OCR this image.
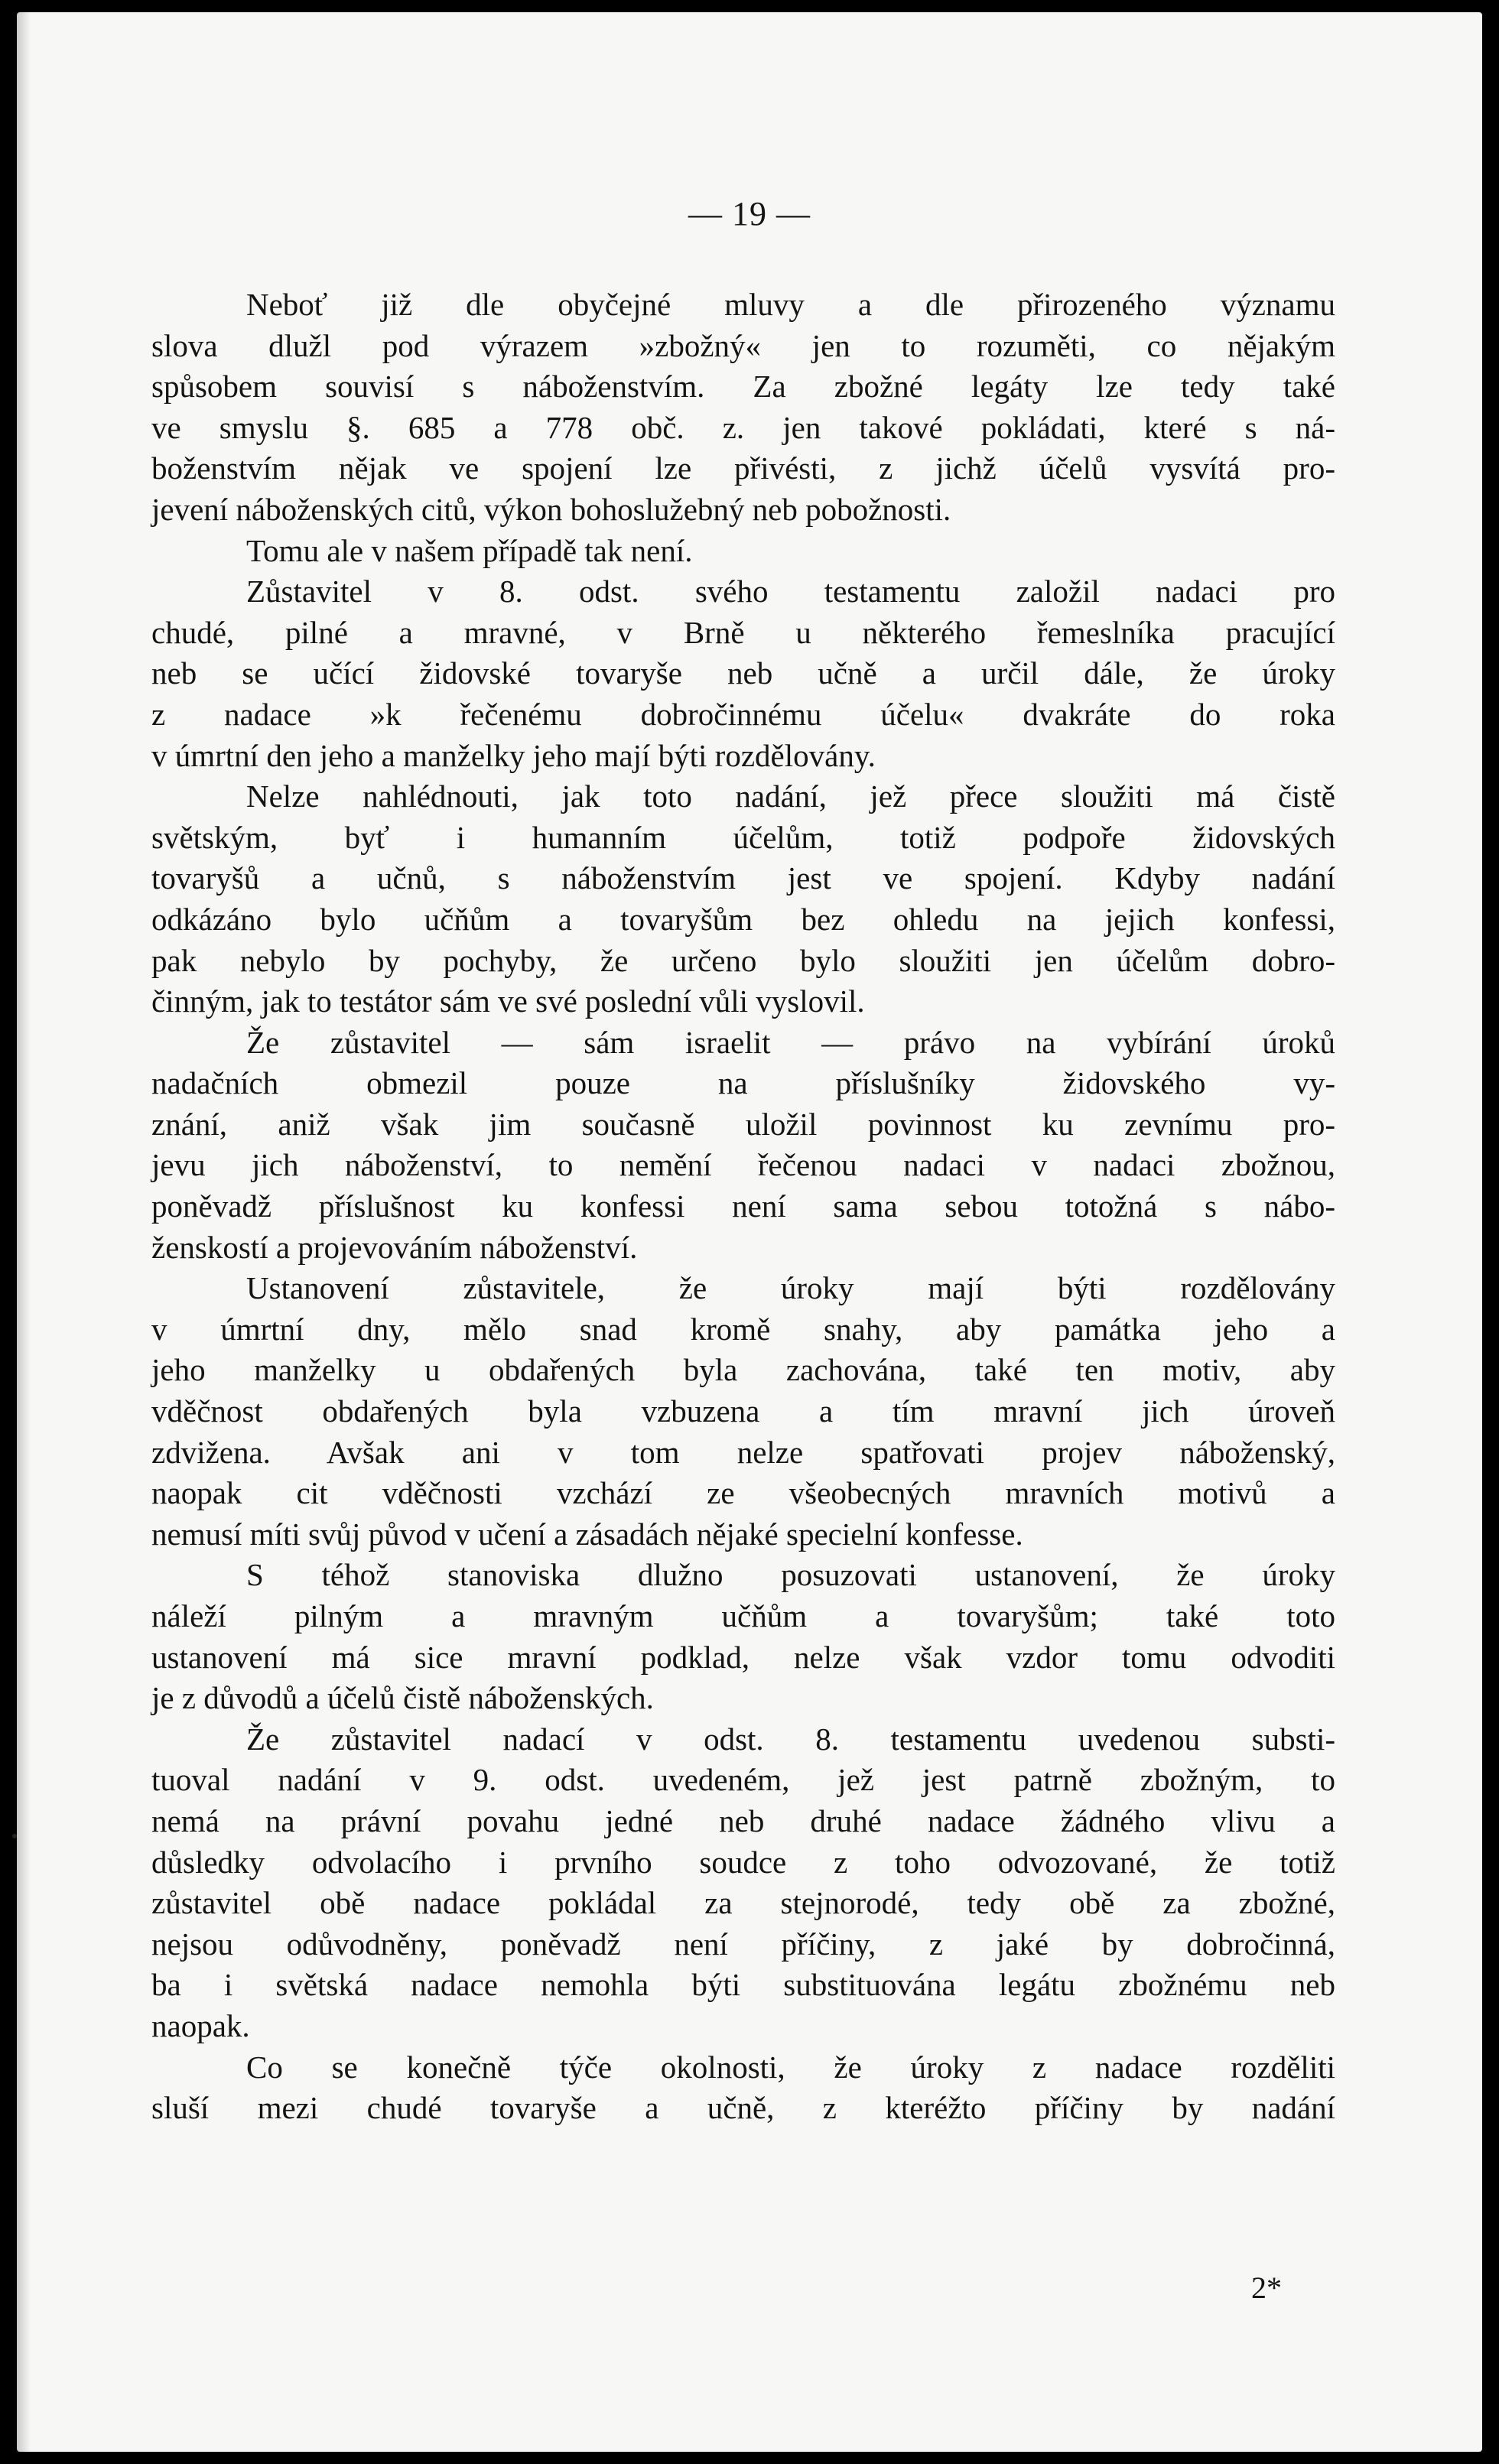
— 19 —
Neboť již dle obyčejné mluvy a dle přirozeného významu
slova dlužl pod výrazem »zbožný« jen to rozuměti, co nějakým
spůsobem souvisí s náboženstvím. Za zbožné legáty lze tedy také
ve smyslu §. 685 a 778 obč. z. jen takové pokládati, které s ná-
boženstvím nějak ve spojení lze přivésti, z jichž účelů vysvítá pro-
jevení náboženských citů, výkon bohoslužebný neb pobožnosti.
Tomu ale v našem případě tak není.
Zůstavitel v 8. odst. svého testamentu založil nadaci pro
chudé, pilné a mravné, v Brně u některého řemeslníka pracující
neb se učící židovské tovaryše neb učně a určil dále, že úroky
z nadace »k řečenému dobročinnému účelu« dvakráte do roka
v úmrtní den jeho a manželky jeho mají býti rozdělovány.
Nelze nahlédnouti, jak toto nadání, jež přece sloužiti má čistě
světským, byť i humanním účelům, totiž podpoře židovských
tovaryšů a učnů, s náboženstvím jest ve spojení. Kdyby nadání
odkázáno bylo učňům a tovaryšům bez ohledu na jejich konfessi,
pak nebylo by pochyby, že určeno bylo sloužiti jen účelům dobro-
činným, jak to testátor sám ve své poslední vůli vyslovil.
Že zůstavitel — sám israelit — právo na vybírání úroků
nadačních obmezil pouze na příslušníky židovského vy-
znání, aniž však jim současně uložil povinnost ku zevnímu pro-
jevu jich náboženství, to nemění řečenou nadaci v nadaci zbožnou,
poněvadž příslušnost ku konfessi není sama sebou totožná s nábo-
ženskostí a projevováním náboženství.
Ustanovení zůstavitele, že úroky mají býti rozdělovány
v úmrtní dny, mělo snad kromě snahy, aby památka jeho a
jeho manželky u obdařených byla zachována, také ten motiv, aby
vděčnost obdařených byla vzbuzena a tím mravní jich úroveň
zdvižena. Avšak ani v tom nelze spatřovati projev náboženský,
naopak cit vděčnosti vzchází ze všeobecných mravních motivů a
nemusí míti svůj původ v učení a zásadách nějaké specielní konfesse.
S téhož stanoviska dlužno posuzovati ustanovení, že úroky
náleží pilným a mravným učňům a tovaryšům; také toto
ustanovení má sice mravní podklad, nelze však vzdor tomu odvoditi
je z důvodů a účelů čistě náboženských.
Že zůstavitel nadací v odst. 8. testamentu uvedenou substi-
tuoval nadání v 9. odst. uvedeném, jež jest patrně zbožným, to
nemá na právní povahu jedné neb druhé nadace žádného vlivu a
důsledky odvolacího i prvního soudce z toho odvozované, že totiž
zůstavitel obě nadace pokládal za stejnorodé, tedy obě za zbožné,
nejsou odůvodněny, poněvadž není příčiny, z jaké by dobročinná,
ba i světská nadace nemohla býti substituována legátu zbožnému neb
naopak.
Co se konečně týče okolnosti, že úroky z nadace rozděliti
sluší mezi chudé tovaryše a učně, z kteréžto příčiny by nadání
2*
